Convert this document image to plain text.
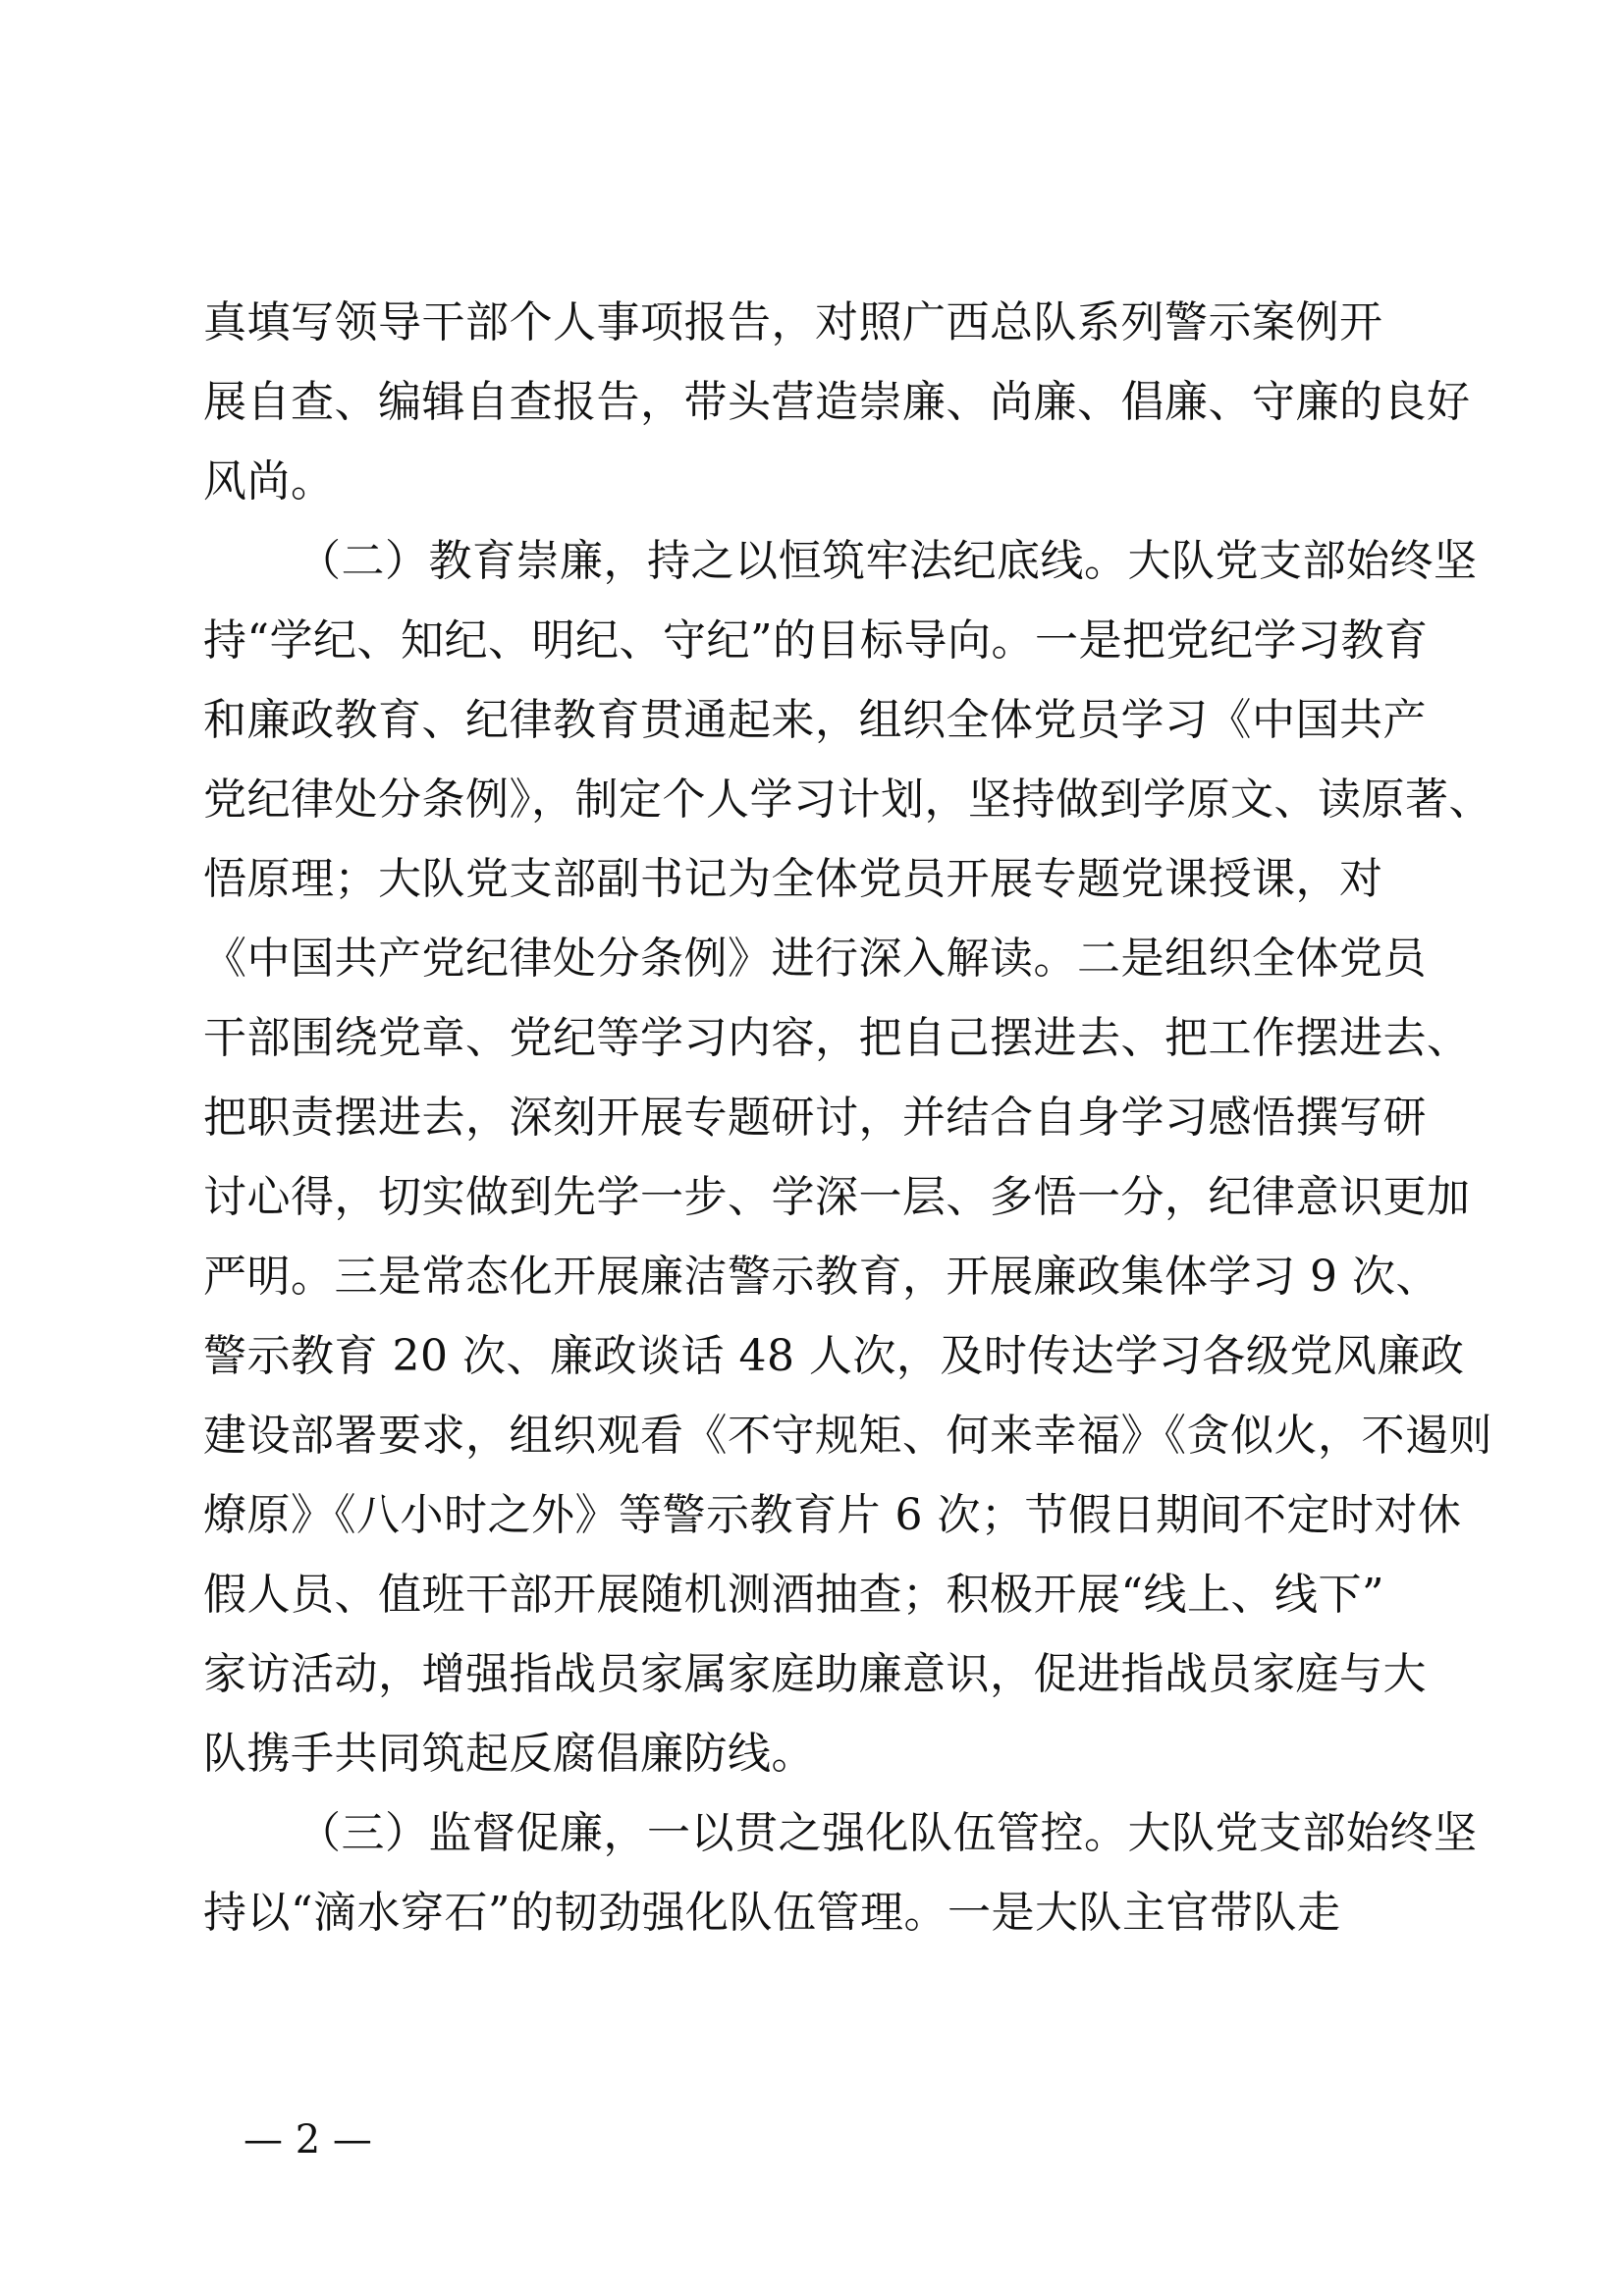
真填写领导干部个人事项报告，对照广西总队系列警示案例开
展自查、编辑自查报告，带头营造崇廉、尚廉、倡廉、守廉的良好
风尚。
（二）教育崇廉，持之以恒筑牢法纪底线。大队党支部始终坚
持“学纪、知纪、明纪、守纪”的目标导向。一是把党纪学习教育
和廉政教育、纪律教育贯通起来，组织全体党员学习《中国共产
党纪律处分条例》，制定个人学习计划，坚持做到学原文、读原著、
悟原理；大队党支部副书记为全体党员开展专题党课授课，对
《中国共产党纪律处分条例》进行深入解读。二是组织全体党员
干部围绕党章、党纪等学习内容，把自己摆进去、把工作摆进去、
把职责摆进去，深刻开展专题研讨，并结合自身学习感悟撰写研
讨心得，切实做到先学一步、学深一层、多悟一分，纪律意识更加
严明。三是常态化开展廉洁警示教育，开展廉政集体学习 9 次、
警示教育 20 次、廉政谈话 48 人次，及时传达学习各级党风廉政
建设部署要求，组织观看《不守规矩、何来幸福》《贪似火，不遏则
燎原》《八小时之外》等警示教育片 6 次；节假日期间不定时对休
假人员、值班干部开展随机测酒抽查；积极开展“线上、线下”
家访活动，增强指战员家属家庭助廉意识，促进指战员家庭与大
队携手共同筑起反腐倡廉防线。
（三）监督促廉，一以贯之强化队伍管控。大队党支部始终坚
持以“滴水穿石”的韧劲强化队伍管理。一是大队主官带队走
— 2 —
